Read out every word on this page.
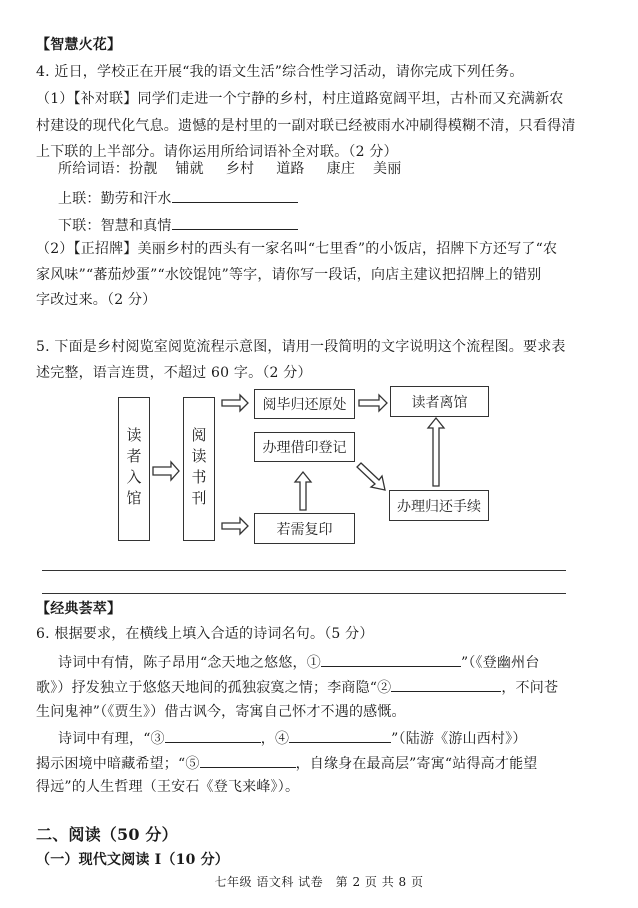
【智慧火花】
4. 近日，学校正在开展“我的语文生活”综合性学习活动，请你完成下列任务。
（1）【补对联】同学们走进一个宁静的乡村，村庄道路宽阔平坦，古朴而又充满新农
村建设的现代化气息。遗憾的是村里的一副对联已经被雨水冲刷得模糊不清，只看得清
上下联的上半部分。请你运用所给词语补全对联。（2 分）
所给词语：扮靓 铺就 乡村 道路 康庄 美丽
上联：勤劳和汗水
下联：智慧和真情
（2）【正招牌】美丽乡村的西头有一家名叫“七里香”的小饭店，招牌下方还写了“农
家风味”“蕃茄炒蛋”“水饺馄饨”等字，请你写一段话，向店主建议把招牌上的错别
字改过来。（2 分）
5. 下面是乡村阅览室阅览流程示意图，请用一段简明的文字说明这个流程图。要求表
述完整，语言连贯，不超过 60 字。（2 分）
读者入馆	阅读书刊
阅毕归还原处	读者离馆
办理借印登记
办理归还手续
若需复印
【经典荟萃】
6. 根据要求，在横线上填入合适的诗词名句。（5 分）
诗词中有情，陈子昂用“念天地之悠悠，①	”（《登幽州台
歌》）抒发独立于悠悠天地间的孤独寂寞之情；李商隐“②	，不问苍
生问鬼神”（《贾生》）借古讽今，寄寓自己怀才不遇的感慨。
诗词中有理，“③	，④	”（陆游《游山西村》）
揭示困境中暗藏希望；“⑤	，自缘身在最高层”寄寓“站得高才能望
得远”的人生哲理（王安石《登飞来峰》）。
二、阅读（50 分）
（一）现代文阅读 Ⅰ（10 分）
七年级 语文科 试卷　第 2 页 共 8 页
